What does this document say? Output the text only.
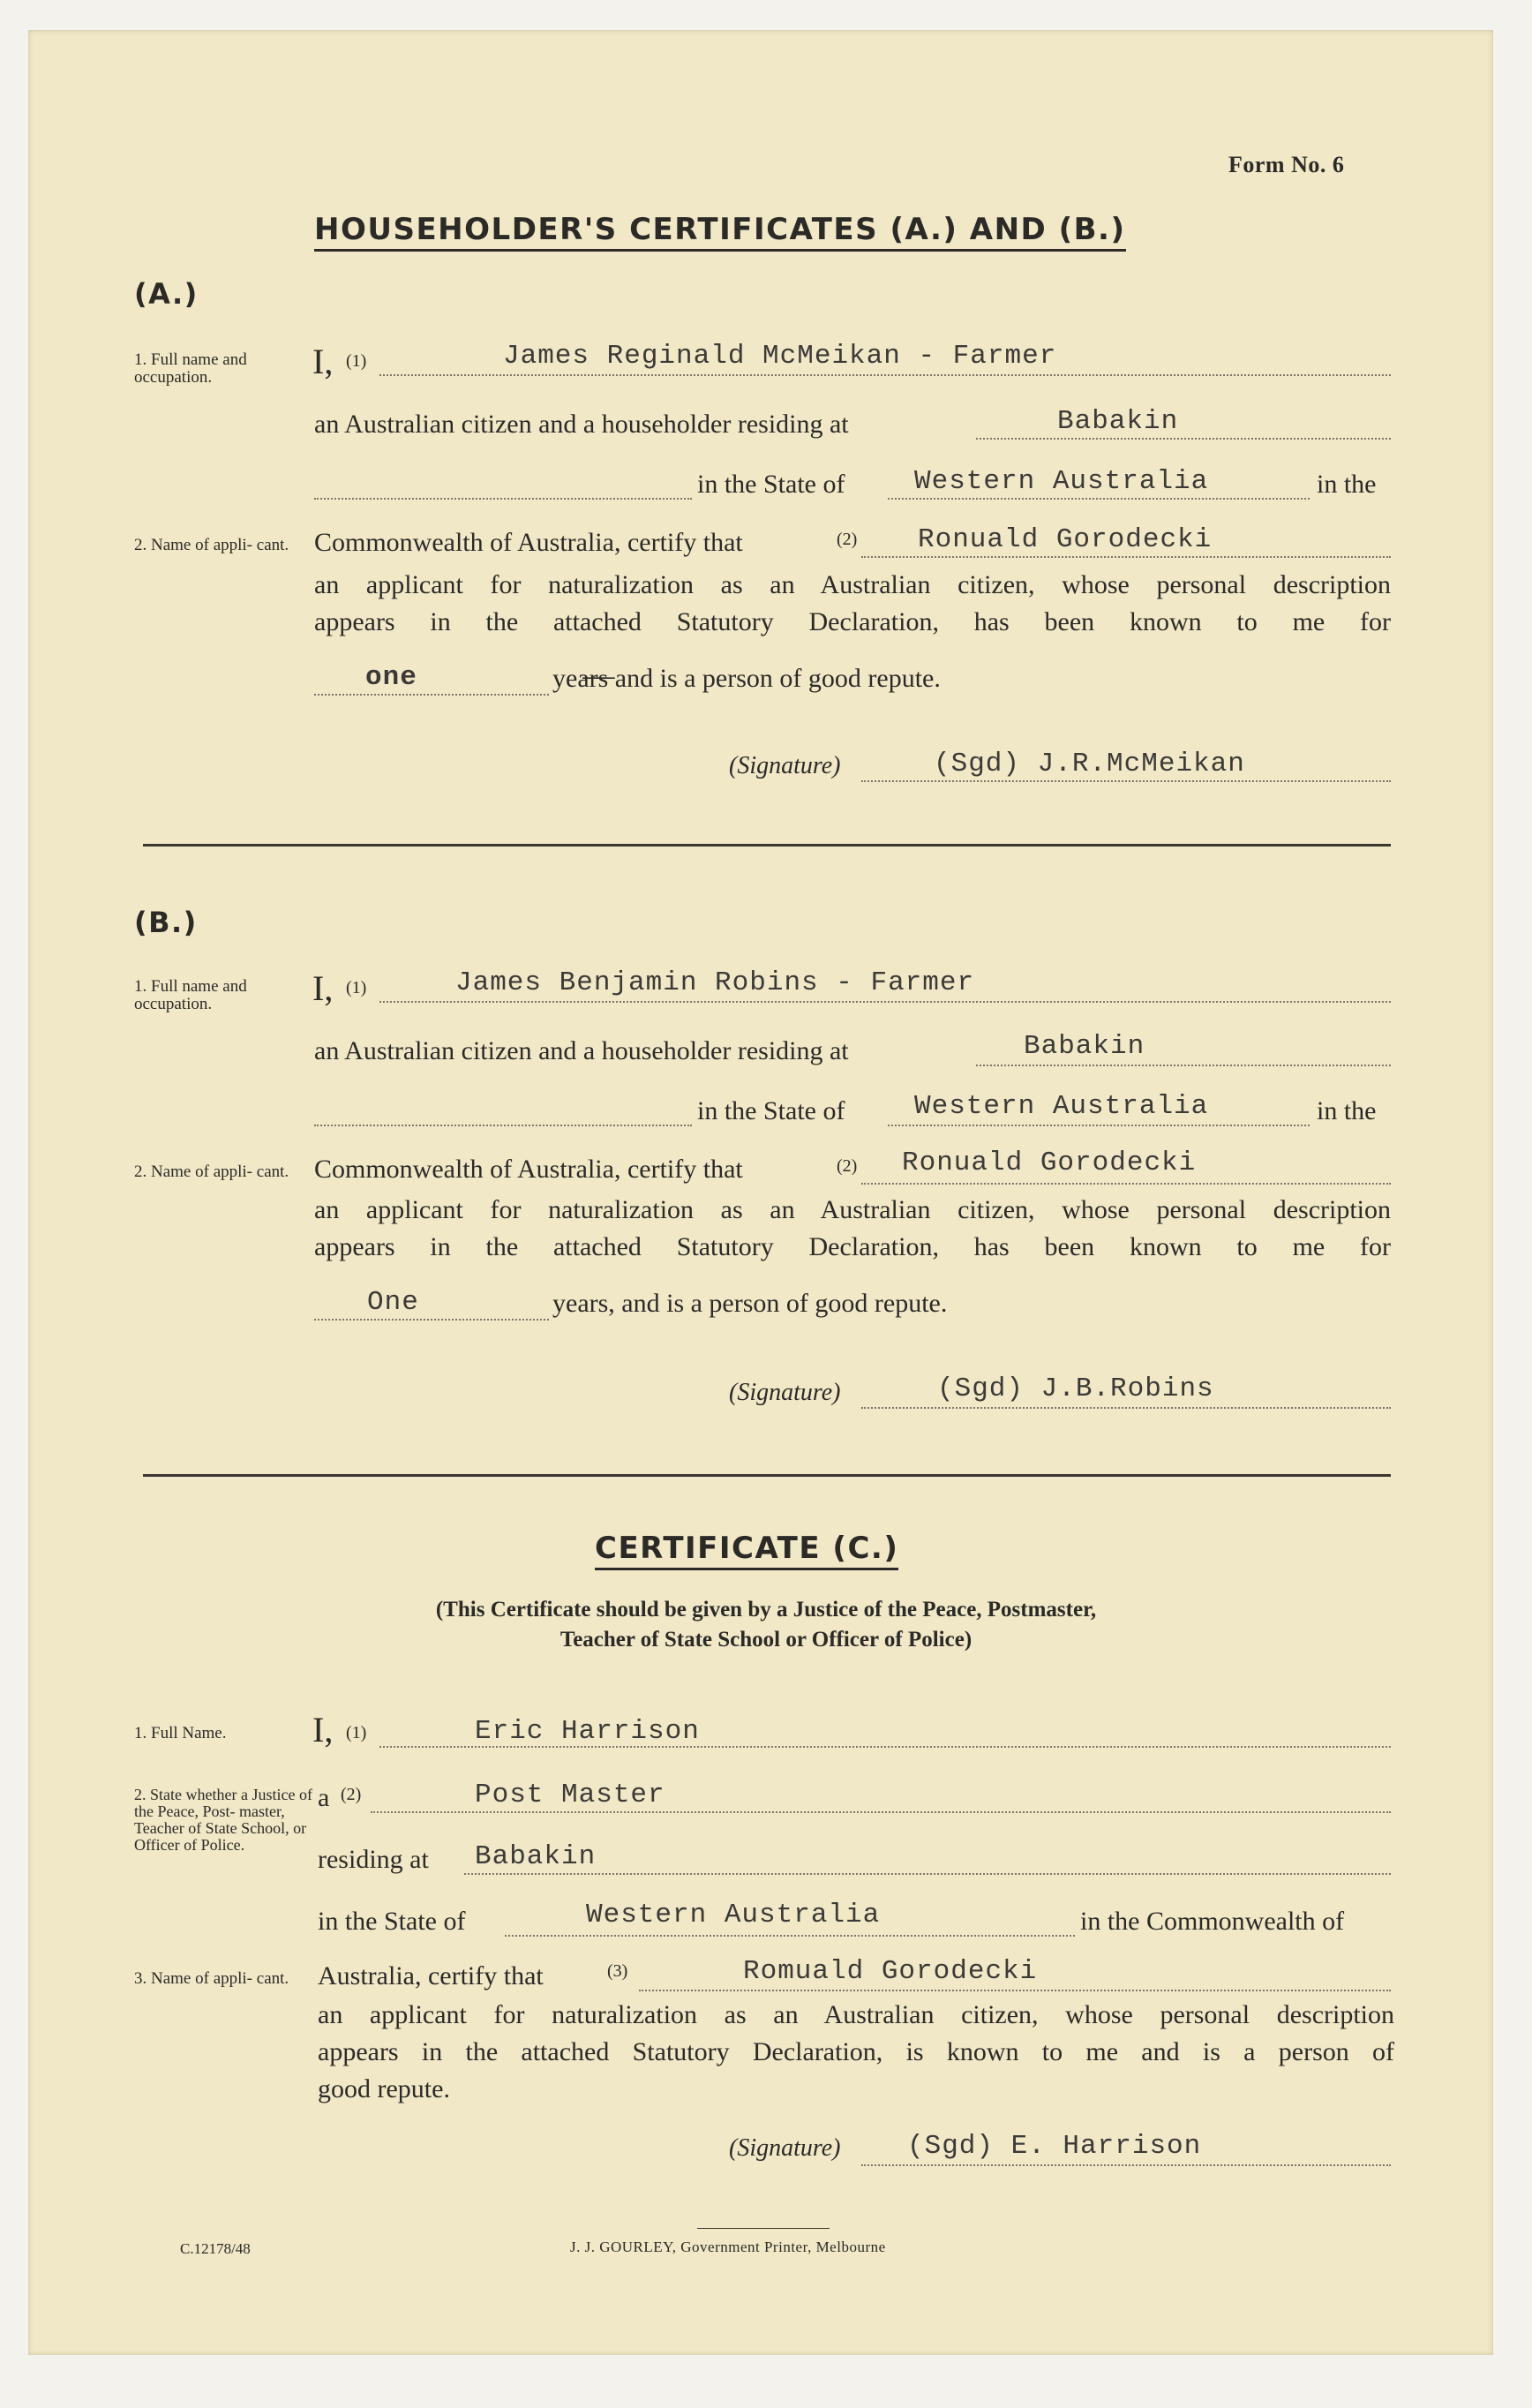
Form No. 6
HOUSEHOLDER'S CERTIFICATES (A.) AND (B.)
(A.)
1. Full name and occupation.	I, (1)	James Reginald McMeikan - Farmer
an Australian citizen and a householder residing at	Babakin
in the State of	Western Australia	in the
2. Name of appli- cant. Commonwealth of Australia, certify that	(2) Ronuald Gorodecki
an applicant for naturalization as an Australian citizen, whose personal description
appears in the attached Statutory Declaration, has been known to me for
one	yea̶r̶s̶ and is a person of good repute.
(Signature)	(Sgd) J.R.McMeikan
(B.)
1. Full name and occupation.	I, (1)	James Benjamin Robins - Farmer
an Australian citizen and a householder residing at	Babakin
in the State of	Western Australia	in the
2. Name of appli- cant. Commonwealth of Australia, certify that	(2) Ronuald Gorodecki
an applicant for naturalization as an Australian citizen, whose personal description
appears in the attached Statutory Declaration, has been known to me for
One	years, and is a person of good repute.
(Signature)	(Sgd) J.B.Robins
CERTIFICATE (C.)
(This Certificate should be given by a Justice of the Peace, Postmaster,
Teacher of State School or Officer of Police)
1. Full Name.	I, (1)	Eric Harrison
2. State whether a Justice of the Peace, Post- master, Teacher of State School, or Officer of Police.
a (2)	Post Master
residing at Babakin
in the State of	Western Australia	in the Commonwealth of
3. Name of appli- cant.	Australia, certify that	(3)	Romuald Gorodecki
an applicant for naturalization as an Australian citizen, whose personal description
appears in the attached Statutory Declaration, is known to me and is a person of
good repute.
(Signature) (Sgd) E. Harrison
C.12178/48	J. J. GOURLEY, Government Printer, Melbourne
